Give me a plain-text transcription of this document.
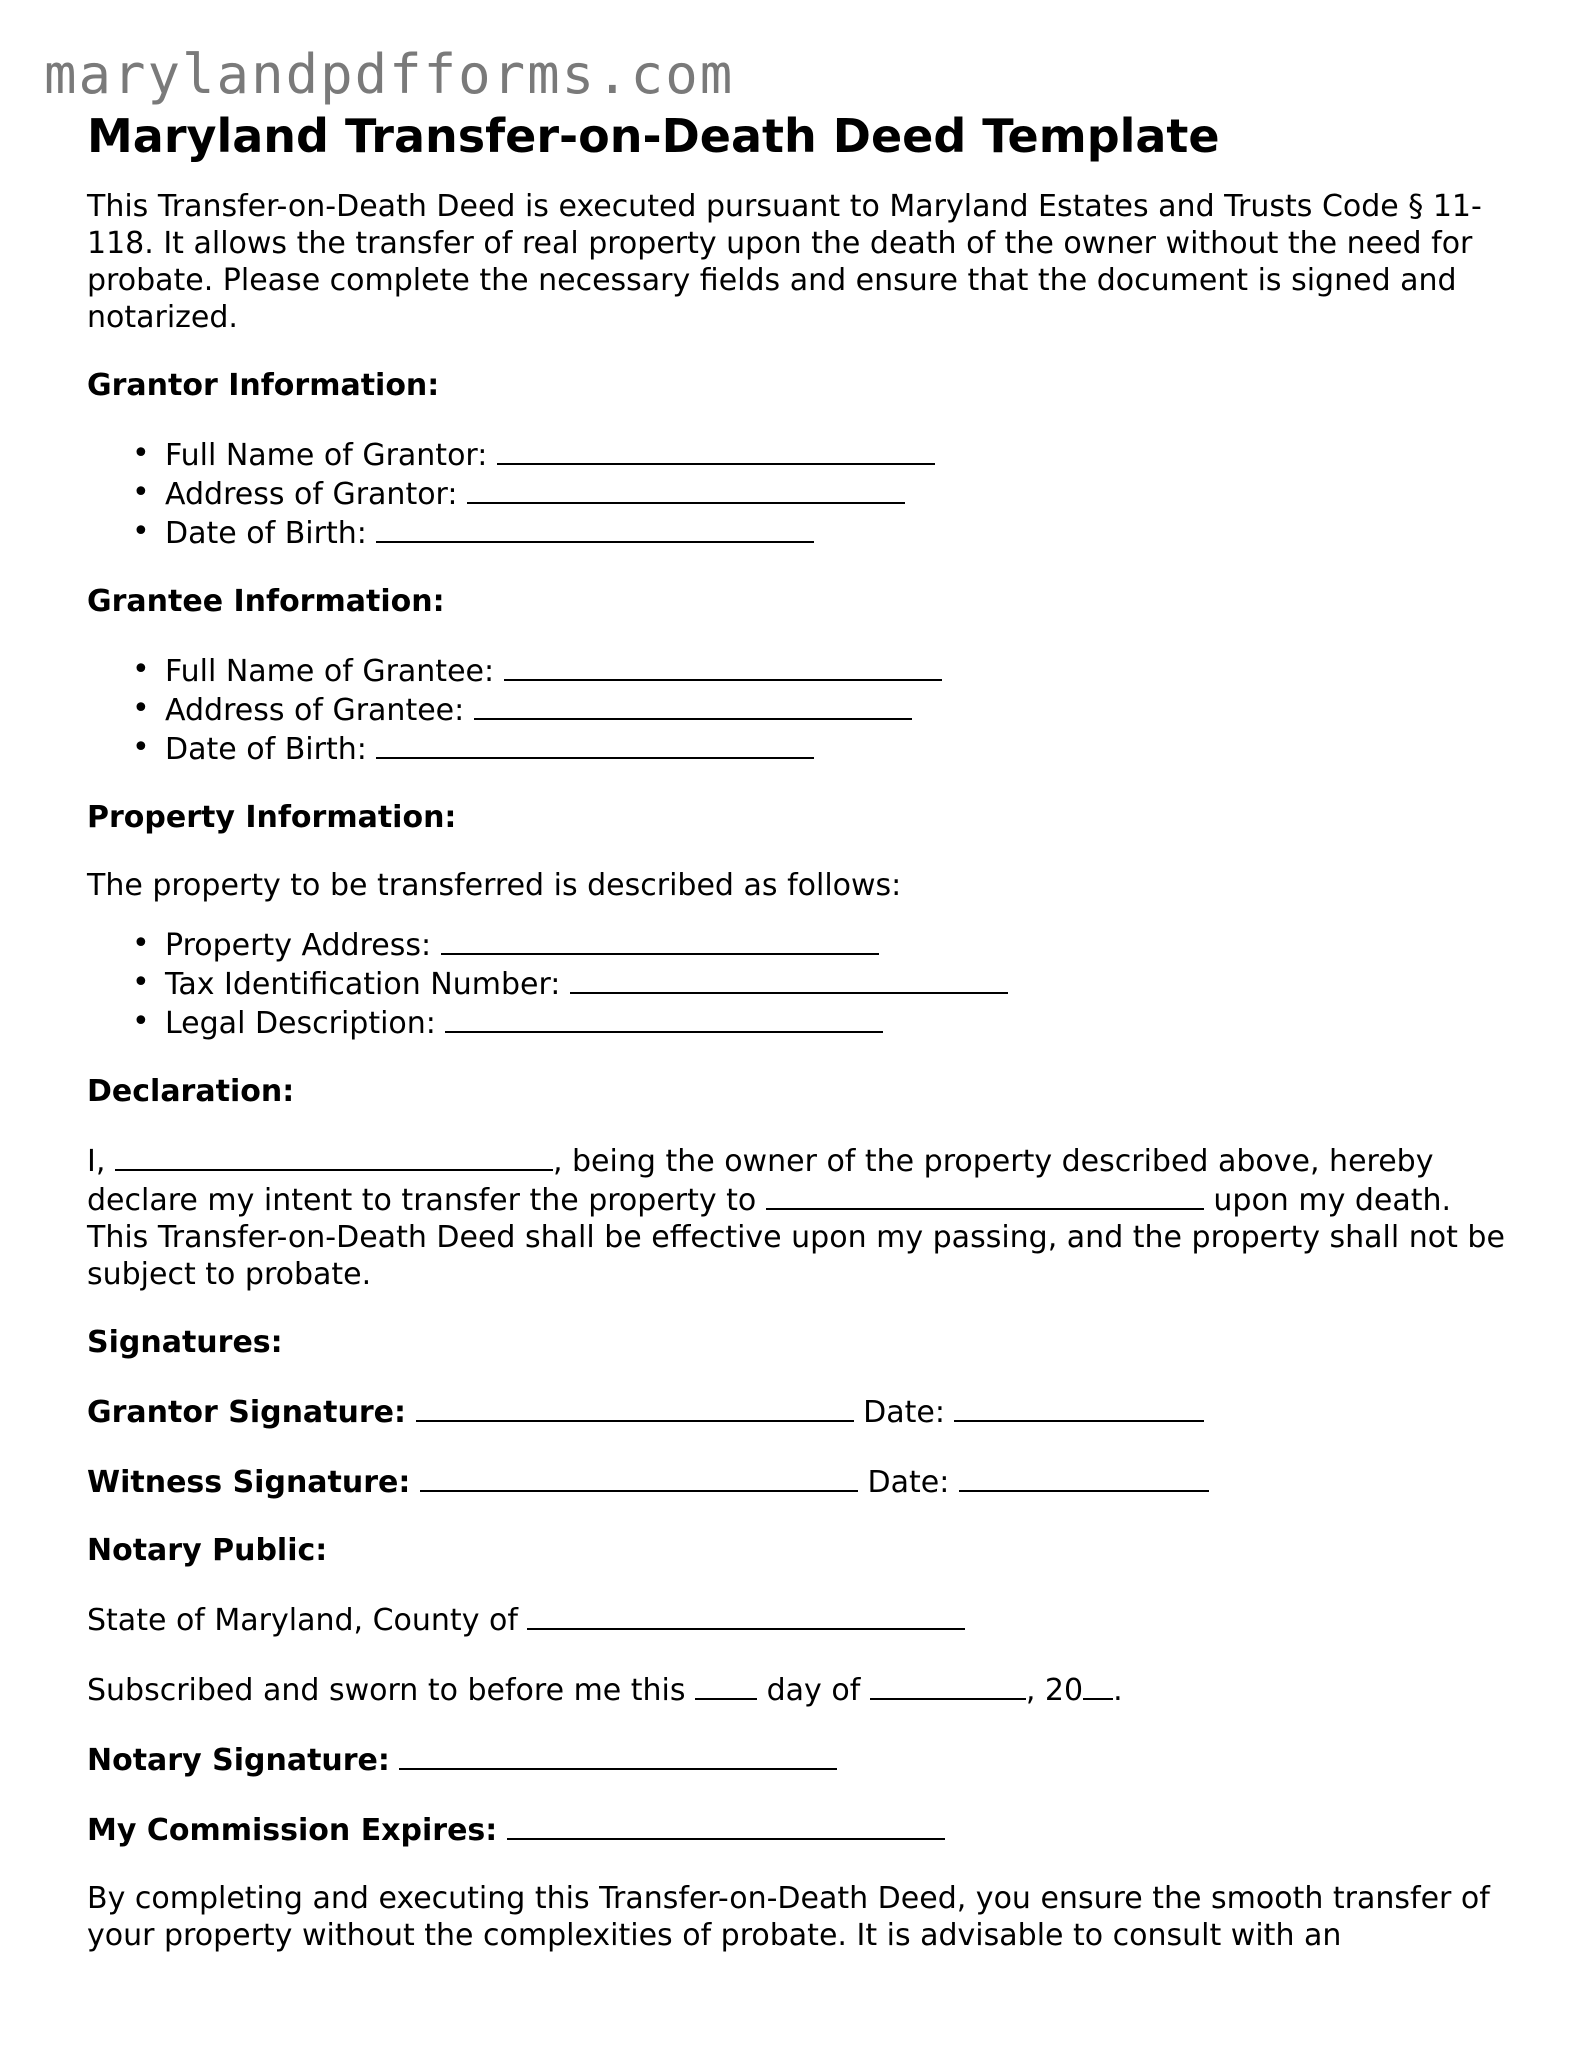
marylandpdfforms.com
Maryland Transfer-on-Death Deed Template

This Transfer-on-Death Deed is executed pursuant to Maryland Estates and Trusts Code § 11-118. It allows the transfer of real property upon the death of the owner without the need for probate. Please complete the necessary fields and ensure that the document is signed and notarized.

Grantor Information:
• Full Name of Grantor:
• Address of Grantor:
• Date of Birth:
Grantee Information:
• Full Name of Grantee:
• Address of Grantee:
• Date of Birth:
Property Information:

The property to be transferred is described as follows:

• Property Address:
• Tax Identification Number:
• Legal Description:
Declaration:

I,	, being the owner of the property described above, hereby declare my intent to transfer the property to	upon my death. This Transfer-on-Death Deed shall be effective upon my passing, and the property shall not be subject to probate.

Signatures:
Grantor Signature:	Date:
Witness Signature:	Date:
Notary Public:

State of Maryland, County of

Subscribed and sworn to before me this	day of	, 20 .

Notary Signature:
My Commission Expires:

By completing and executing this Transfer-on-Death Deed, you ensure the smooth transfer of your property without the complexities of probate. It is advisable to consult with an
